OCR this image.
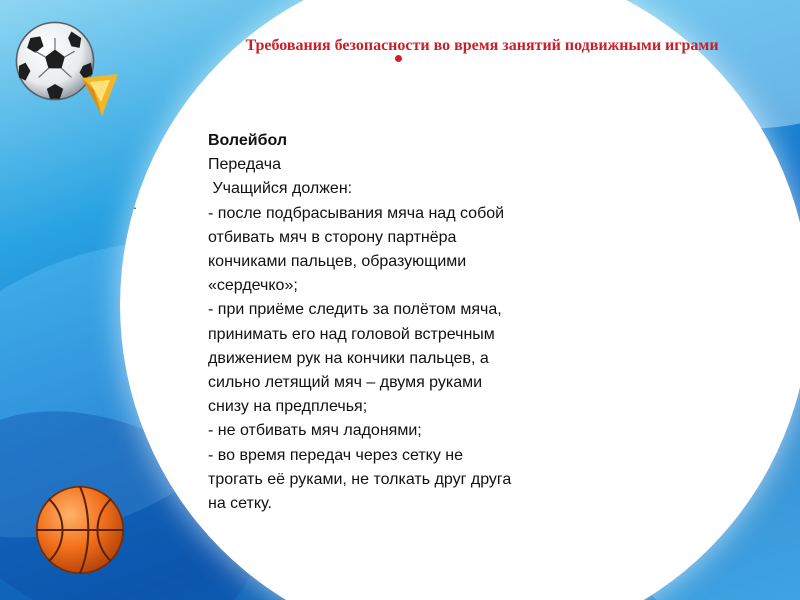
Требования безопасности во время занятий подвижными играми
.
Волейбол
Передача
Учащийся должен:
- после подбрасывания мяча над собой
отбивать мяч в сторону партнёра
кончиками пальцев, образующими
«сердечко»;
- при приёме следить за полётом мяча,
принимать его над головой встречным
движением рук на кончики пальцев, а
сильно летящий мяч – двумя руками
снизу на предплечья;
- не отбивать мяч ладонями;
- во время передач через сетку не
трогать её руками, не толкать друг друга
на сетку.
